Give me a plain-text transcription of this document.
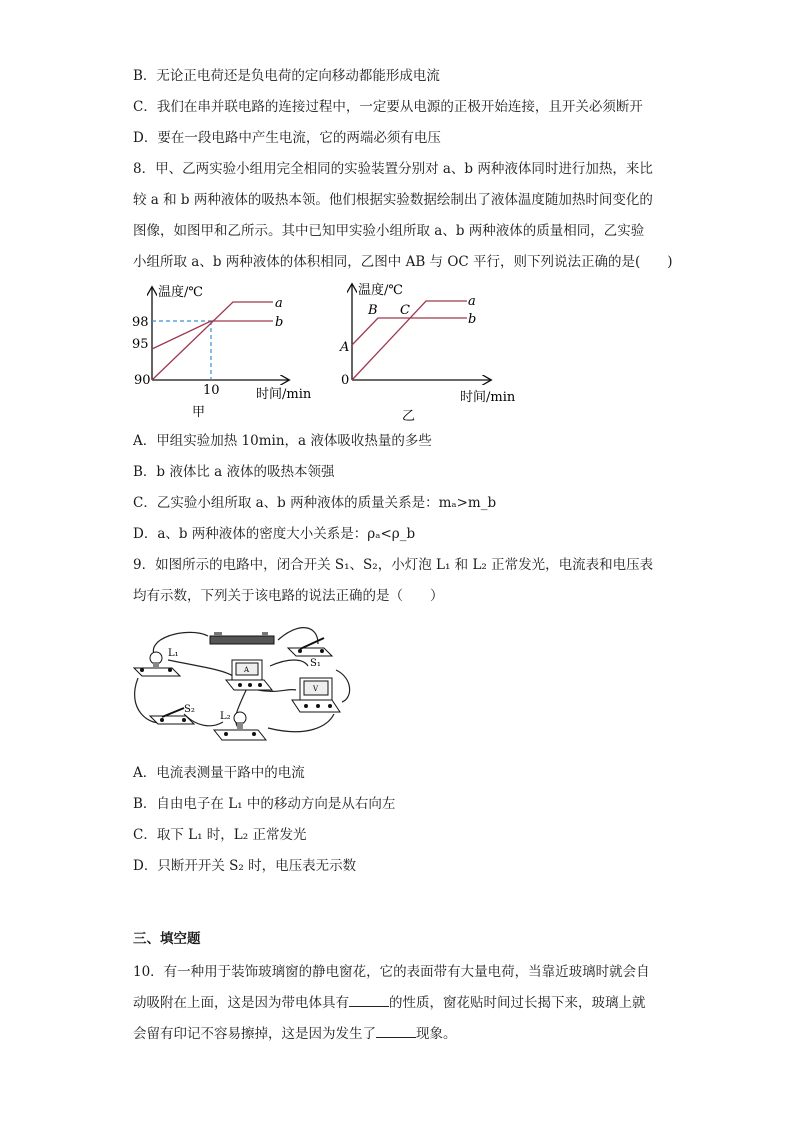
B．无论正电荷还是负电荷的定向移动都能形成电流
C．我们在串并联电路的连接过程中，一定要从电源的正极开始连接，且开关必须断开
D．要在一段电路中产生电流，它的两端必须有电压
8．甲、乙两实验小组用完全相同的实验装置分别对 a、b 两种液体同时进行加热，来比
较 a 和 b 两种液体的吸热本领。他们根据实验数据绘制出了液体温度随加热时间变化的
图像，如图甲和乙所示。其中已知甲实验小组所取 a、b 两种液体的质量相同，乙实验
小组所取 a、b 两种液体的体积相同，乙图中 AB 与 OC 平行，则下列说法正确的是(　　)
温度/℃
98
95
90
10	时间/min
a
b
甲
温度/℃
A
B C
0
a
b
时间/min
乙
A．甲组实验加热 10min，a 液体吸收热量的多些
B．b 液体比 a 液体的吸热本领强
C．乙实验小组所取 a、b 两种液体的质量关系是：mₐ>m_b
D．a、b 两种液体的密度大小关系是：ρₐ<ρ_b
9．如图所示的电路中，闭合开关 S₁、S₂，小灯泡 L₁ 和 L₂ 正常发光，电流表和电压表
均有示数，下列关于该电路的说法正确的是（　　）
L₁
S₁
A
V
S₂
L₂
A．电流表测量干路中的电流
B．自由电子在 L₁ 中的移动方向是从右向左
C．取下 L₁ 时，L₂ 正常发光
D．只断开开关 S₂ 时，电压表无示数
三、填空题
10．有一种用于装饰玻璃窗的静电窗花，它的表面带有大量电荷，当靠近玻璃时就会自
动吸附在上面，这是因为带电体具有	的性质，窗花贴时间过长揭下来，玻璃上就
会留有印记不容易擦掉，这是因为发生了	现象。
